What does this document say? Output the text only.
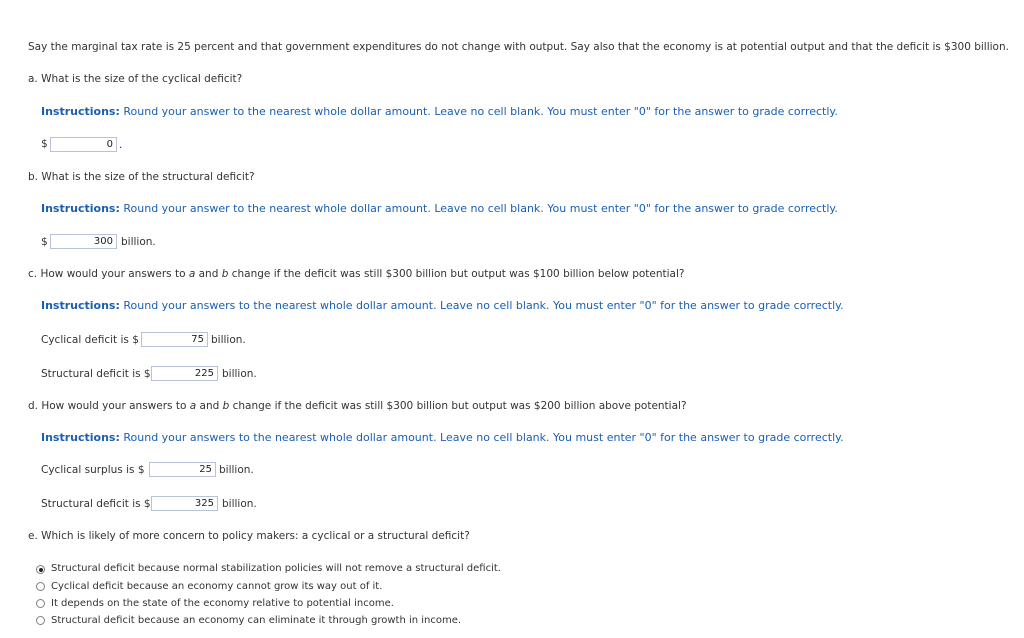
Say the marginal tax rate is 25 percent and that government expenditures do not change with output. Say also that the economy is at potential output and that the deficit is $300 billion.
a. What is the size of the cyclical deficit?
Instructions: Round your answer to the nearest whole dollar amount. Leave no cell blank. You must enter "0" for the answer to grade correctly.
$
0	.
b. What is the size of the structural deficit?
Instructions: Round your answer to the nearest whole dollar amount. Leave no cell blank. You must enter "0" for the answer to grade correctly.
$
300	billion.
c. How would your answers to a and b change if the deficit was still $300 billion but output was $100 billion below potential?
Instructions: Round your answers to the nearest whole dollar amount. Leave no cell blank. You must enter "0" for the answer to grade correctly.
Cyclical deficit is $
75	billion.
Structural deficit is $
225	billion.
d. How would your answers to a and b change if the deficit was still $300 billion but output was $200 billion above potential?
Instructions: Round your answers to the nearest whole dollar amount. Leave no cell blank. You must enter "0" for the answer to grade correctly.
Cyclical surplus is $
25	billion.
Structural deficit is $
325	billion.
e. Which is likely of more concern to policy makers: a cyclical or a structural deficit?
Structural deficit because normal stabilization policies will not remove a structural deficit.
Cyclical deficit because an economy cannot grow its way out of it.
It depends on the state of the economy relative to potential income.
Structural deficit because an economy can eliminate it through growth in income.
